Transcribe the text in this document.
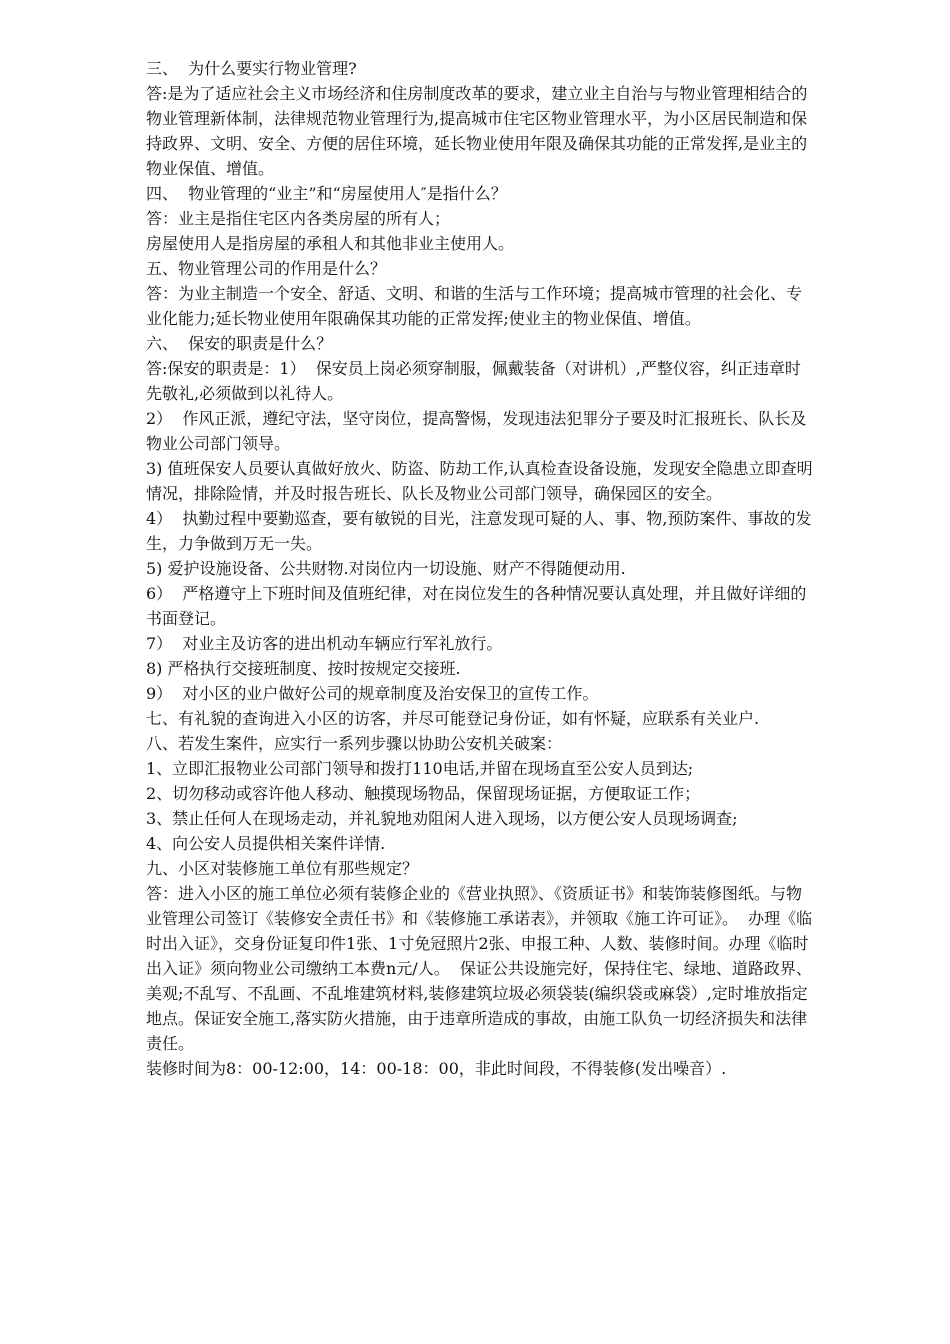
三、  为什么要实行物业管理?

答:是为了适应社会主义市场经济和住房制度改革的要求，建立业主自治与与物业管理相结合的物业管理新体制，法律规范物业管理行为,提高城市住宅区物业管理水平，为小区居民制造和保持政界、文明、安全、方便的居住环境，延长物业使用年限及确保其功能的正常发挥,是业主的物业保值、增值。

四、  物业管理的“业主”和“房屋使用人″是指什么？

答：业主是指住宅区内各类房屋的所有人；

房屋使用人是指房屋的承租人和其他非业主使用人。

五、物业管理公司的作用是什么？

答：为业主制造一个安全、舒适、文明、和谐的生活与工作环境；提高城市管理的社会化、专业化能力;延长物业使用年限确保其功能的正常发挥;使业主的物业保值、增值。

六、  保安的职责是什么？

答:保安的职责是：1）  保安员上岗必须穿制服，佩戴装备（对讲机）,严整仪容，纠正违章时先敬礼,必须做到以礼待人。

2）  作风正派，遵纪守法，坚守岗位，提高警惕，发现违法犯罪分子要及时汇报班长、队长及物业公司部门领导。

3) 值班保安人员要认真做好放火、防盗、防劫工作,认真检查设备设施，发现安全隐患立即查明情况，排除险情，并及时报告班长、队长及物业公司部门领导，确保园区的安全。

4）  执勤过程中要勤巡查，要有敏锐的目光，注意发现可疑的人、事、物,预防案件、事故的发生，力争做到万无一失。

5) 爱护设施设备、公共财物.对岗位内一切设施、财产不得随便动用.

6）  严格遵守上下班时间及值班纪律，对在岗位发生的各种情况要认真处理，并且做好详细的书面登记。

7）  对业主及访客的进出机动车辆应行军礼放行。

8) 严格执行交接班制度、按时按规定交接班.

9）  对小区的业户做好公司的规章制度及治安保卫的宣传工作。

七、有礼貌的查询进入小区的访客，并尽可能登记身份证，如有怀疑，应联系有关业户.

八、若发生案件，应实行一系列步骤以协助公安机关破案：

1、立即汇报物业公司部门领导和拨打110电话,并留在现场直至公安人员到达;

2、切勿移动或容许他人移动、触摸现场物品，保留现场证据，方便取证工作；

3、禁止任何人在现场走动，并礼貌地劝阻闲人进入现场，以方便公安人员现场调查;

4、向公安人员提供相关案件详情.

九、小区对装修施工单位有那些规定？

答：进入小区的施工单位必须有装修企业的《营业执照》、《资质证书》和装饰装修图纸。与物业管理公司签订《装修安全责任书》和《装修施工承诺表》，并领取《施工许可证》。  办理《临时出入证》，交身份证复印件1张、1寸免冠照片2张、申报工种、人数、装修时间。办理《临时出入证》须向物业公司缴纳工本费n元/人。  保证公共设施完好，保持住宅、绿地、道路政界、美观;不乱写、不乱画、不乱堆建筑材料,装修建筑垃圾必须袋装(编织袋或麻袋）,定时堆放指定地点。保证安全施工,落实防火措施，由于违章所造成的事故，由施工队负一切经济损失和法律责任。

装修时间为8：00-12:00，14：00-18：00，非此时间段，不得装修(发出噪音）.
